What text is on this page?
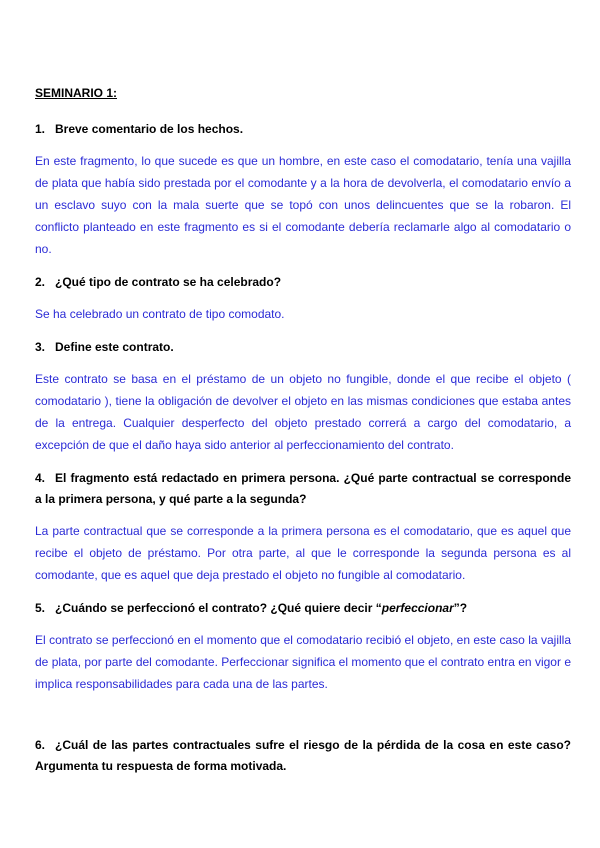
SEMINARIO 1:

1. Breve comentario de los hechos.

En este fragmento, lo que sucede es que un hombre, en este caso el comodatario, tenía una vajilla de plata que había sido prestada por el comodante y a la hora de devolverla, el comodatario envío a un esclavo suyo con la mala suerte que se topó con unos delincuentes que se la robaron. El conflicto planteado en este fragmento es si el comodante debería reclamarle algo al comodatario o no.

2. ¿Qué tipo de contrato se ha celebrado?

Se ha celebrado un contrato de tipo comodato.

3. Define este contrato.

Este contrato se basa en el préstamo de un objeto no fungible, donde el que recibe el objeto ( comodatario ), tiene la obligación de devolver el objeto en las mismas condiciones que estaba antes de la entrega. Cualquier desperfecto del objeto prestado correrá a cargo del comodatario, a excepción de que el daño haya sido anterior al perfeccionamiento del contrato.

4. El fragmento está redactado en primera persona. ¿Qué parte contractual se corresponde a la primera persona, y qué parte a la segunda?

La parte contractual que se corresponde a la primera persona es el comodatario, que es aquel que recibe el objeto de préstamo. Por otra parte, al que le corresponde la segunda persona es al comodante, que es aquel que deja prestado el objeto no fungible al comodatario.

5. ¿Cuándo se perfeccionó el contrato? ¿Qué quiere decir “perfeccionar”?

El contrato se perfeccionó en el momento que el comodatario recibió el objeto, en este caso la vajilla de plata, por parte del comodante. Perfeccionar significa el momento que el contrato entra en vigor e implica responsabilidades para cada una de las partes.

6. ¿Cuál de las partes contractuales sufre el riesgo de la pérdida de la cosa en este caso? Argumenta tu respuesta de forma motivada.
